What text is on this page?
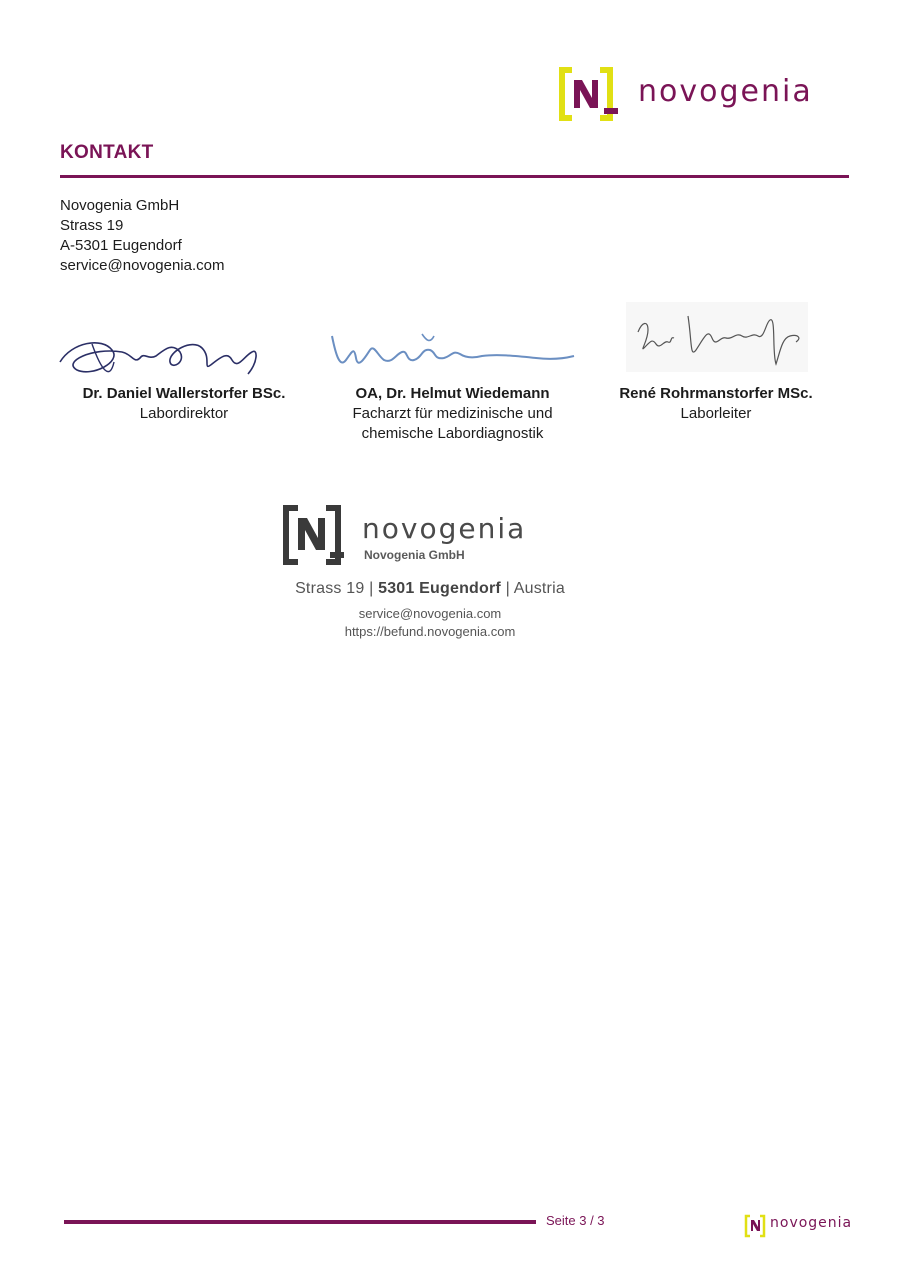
novogenia
KONTAKT
Novogenia GmbH
Strass 19
A-5301 Eugendorf
service@novogenia.com
Dr. Daniel Wallerstorfer BSc.
Labordirektor
OA, Dr. Helmut Wiedemann
Facharzt für medizinische und
chemische Labordiagnostik
René Rohrmanstorfer MSc.
Laborleiter
novogenia
Novogenia GmbH
Strass 19 | 5301 Eugendorf | Austria
service@novogenia.com
https://befund.novogenia.com
Seite 3 / 3	novogenia
